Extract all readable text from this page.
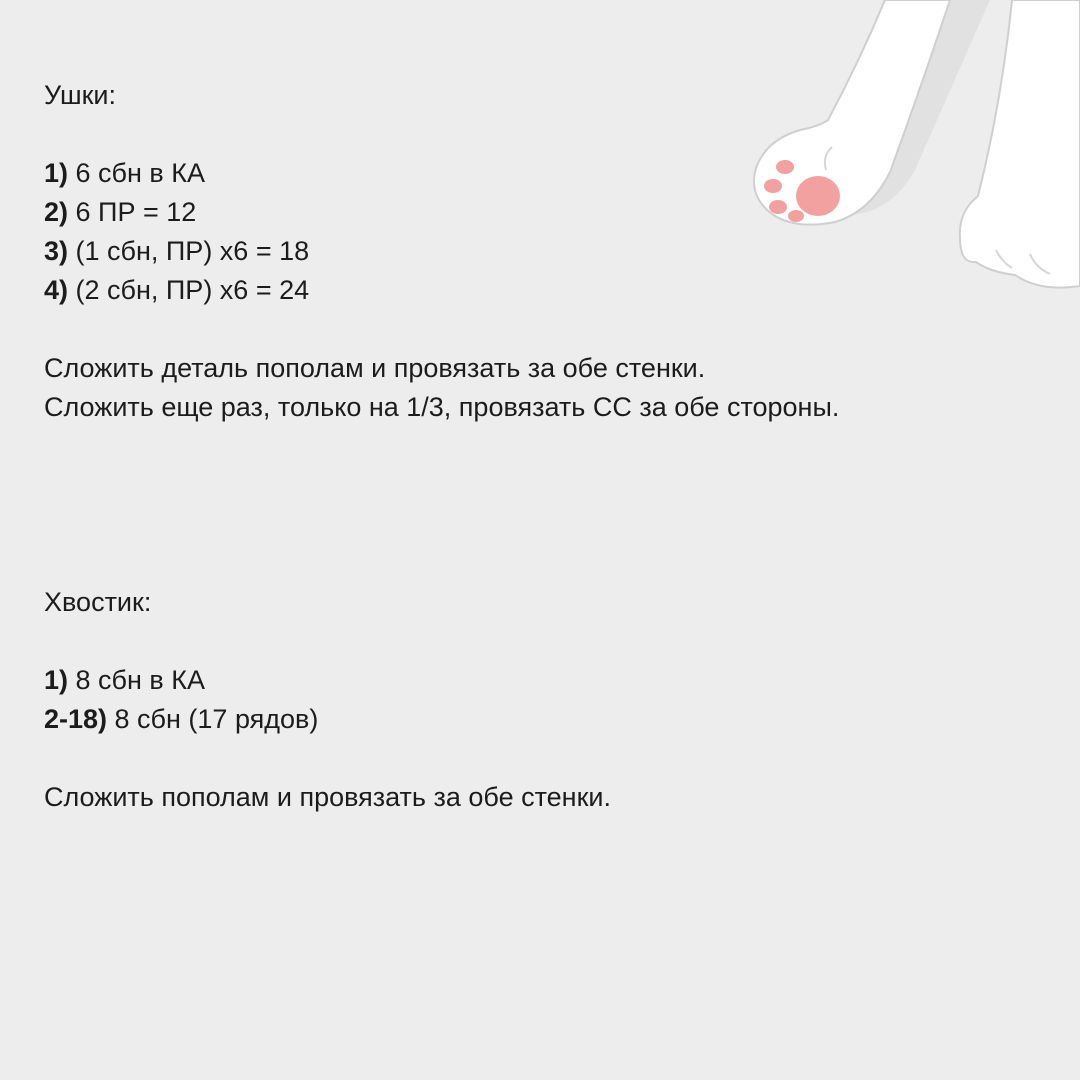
Ушки:
1) 6 сбн в КА
2) 6 ПР = 12
3) (1 сбн, ПР) х6 = 18
4) (2 сбн, ПР) х6 = 24
Сложить деталь пополам и провязать за обе стенки.
Сложить еще раз, только на 1/3, провязать СС за обе стороны.
Хвостик:
1) 8 сбн в КА
2-18) 8 сбн (17 рядов)
Сложить пополам и провязать за обе стенки.
